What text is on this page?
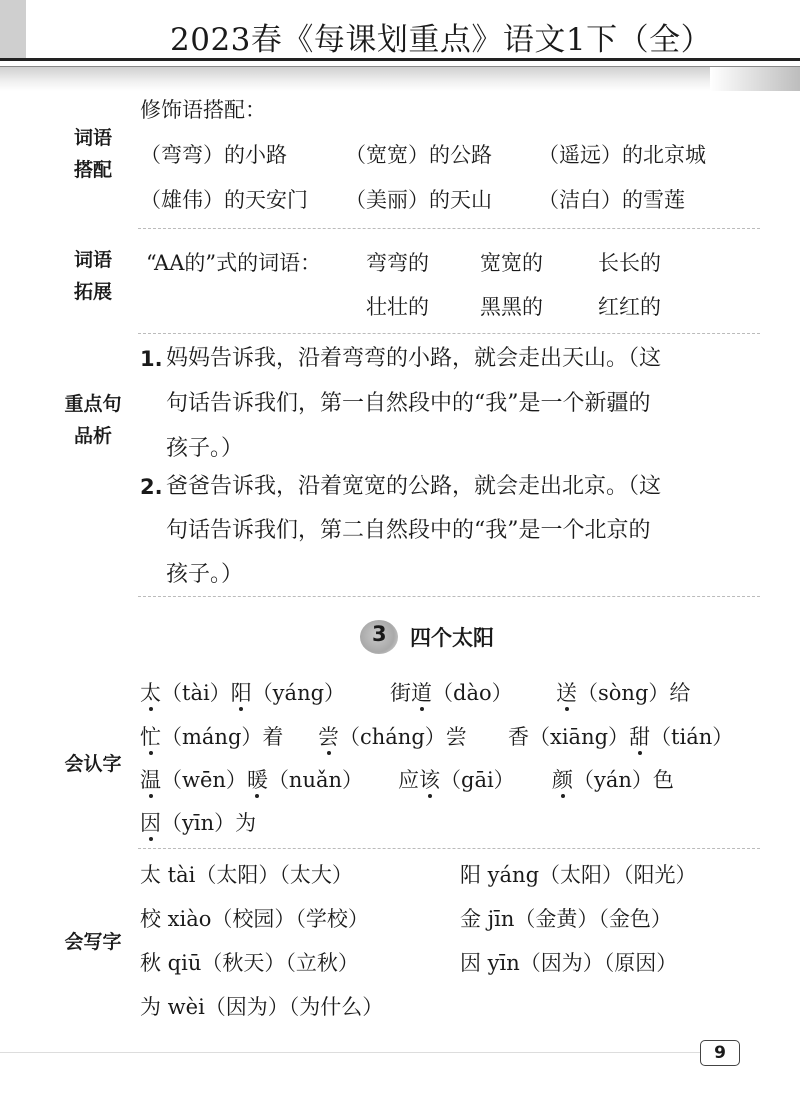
2023春《每课划重点》语文1下（全）
词语
搭配
修饰语搭配：
（弯弯）的小路	（宽宽）的公路 （遥远）的北京城
（雄伟）的天安门 （美丽）的天山 （洁白）的雪莲
词语
拓展
“AA的”式的词语： 弯弯的 宽宽的	长长的
壮壮的 黑黑的	红红的
重点句
品析
1. 妈妈告诉我，沿着弯弯的小路，就会走出天山。（这
句话告诉我们，第一自然段中的“我”是一个新疆的
孩子。）
2. 爸爸告诉我，沿着宽宽的公路，就会走出北京。（这
句话告诉我们，第二自然段中的“我”是一个北京的
孩子。）
3 四个太阳
会认字
太（tài）阳（yáng） 街道（dào） 送（sòng）给
忙（máng）着 尝（cháng）尝 香（xiāng）甜（tián）
温（wēn）暖（nuǎn） 应该（gāi） 颜（yán）色
因（yīn）为
会写字
太 tài（太阳）（太大）	阳 yáng（太阳）（阳光）
校 xiào（校园）（学校）	金 jīn（金黄）（金色）
秋 qiū（秋天）（立秋）	因 yīn（因为）（原因）
为 wèi（因为）（为什么）
9
